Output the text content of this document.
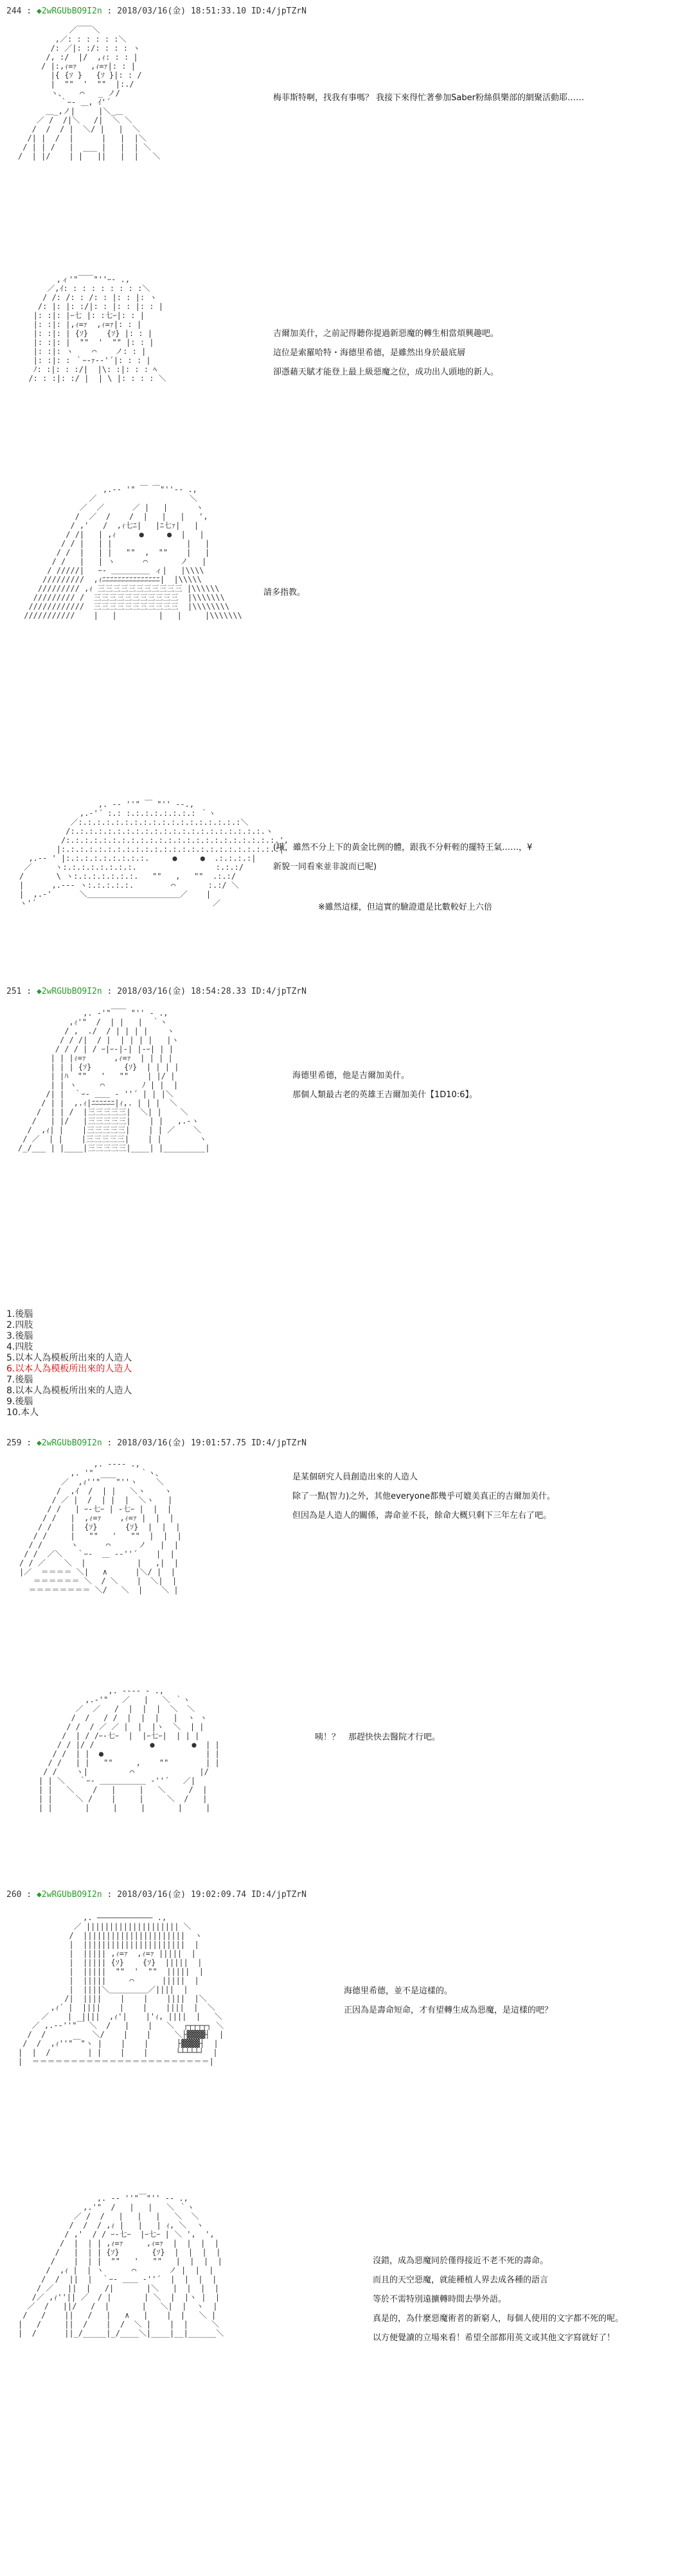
244 : ◆2wRGUbBO9I2n : 2018/03/16(金) 18:51:33.10 ID:4/jpTZrN
／￣￣＼
,／: : : : : :＼
/: ／|: :/: : : : ヽ
/, :/  |/  ,ｨ: : : |
/ |:,ｨ=ｧ   ,ｨ=ｧ|: : |
|{ {ｿ }   {ｿ }|: : /
|  ""  '  ""  |:./
ヽ、   ⌒   _ ノ/
｀ｰ- ＿, ｲ'´
＿_,ノ|     |＼_＿
／ /  /|＼   /|  ＼ ＼
/  /  / |  ＼/ |   |  ＼
/| |  /  |      |   |  |＼
/ | | /   |  ___ |   |  | ＼
/  | |/    | |   ||   |  |   ＼
梅菲斯特啊，找我有事嗎？ 我接下來得忙著參加Saber粉絲俱樂部的網聚活動耶……
,ィ'"￣￣"''ｰ- .,
／,ｲ: : : : : : : : :＼
/ /: /: : /: : |: : |: ヽ
/: |: |: :/|: : |: : |: : |
|: :|: |ｰ七 |: :七ｰ|: : |
|: :|: |,ｨ=ｧ  ,ｨ=ｧ|: : |
|: :|: | {ｿ}    {ｿ} |: : |
|: :|: |  ""  '  "" |: : |
|: :|: ヽ    ⌒    ノ: : |
|: :|: : ｀ｰ-ｧ-‐'´|: : : |
ﾉ: :|: : :/|  |\: :|: : : ﾍ
/: : :|: :/ |  | \ |: : : : ＼
吉爾加美什，之前記得聽你提過新惡魔的轉生相當煩興趣吧。
這位是索羅哈特・海德里希德，是雖然出身於最底層
卻憑藉天賦才能登上最上級惡魔之位，成功出人頭地的新人。
,.-‐ '" ￣ ￣"''‐- .,
／                    ＼
／  ／      ／ |   |      ヽ
/  ／  /    /  |   |   |   ',
/ ,'   /  ,ｨ七ﾆ|   |ﾆ七ｧ|   |
/ /|   | ,ｨ     ●     ●  |   |
/ / |   | |                |   |
/ /  |   | |   ""  ,  ""    |   |
/ /   |   | ヽ      ⌒       ノ   |
/ /////|   ｰ- ＿＿＿＿＿ ィ|   |\\\\
/////////  ,ｨﾆﾆﾆﾆﾆﾆﾆﾆﾆﾆﾆﾆﾆﾆﾆ|  |\\\\\
///////// ,ｨ 三三三三三三三三三三三 |\\\\\\
///////// /  三三三三三三三三三三三  |\\\\\\\
////////////  三三三三三三三三三三三  |\\\\\\\\
///////////    |   |         |   |     |\\\\\\\
請多指教。
,. -‐ ''" ￣ "'' ‐-.,
,.‐'´ :.: :.:.:.:.:.:.:.: ｀ヽ
／:.:.:.:.:.:.:.:.:.:.:.:.:.:.:.:.:.:＼
/:.:.:.:.:.:.:.:.:.:.:.:.:.:.:.:.:.:.:.:.:.ヽ
/:.:.:.:.:.:.:.:.:.:.:.:.:.:.:.:.:.:.:.:.:.:.:.',
|:.:.:.:.:.:.:.:.:.:.:.:.:.:.:.:.:.:.:.:.:.:.:.:|
,.-‐ ' |:.:.:.:.:.:.:.:.:.     ●     ●  .:.:.:.:|
／     ヽ:.:.:.:.:.:.:.:.                 :.:.:/
/       \ ヽ:.:.:.:.:.:.:.   ""   ,   ""  .:.:/
|      ,.-‐‐ ヽ:.:.:.:.:.        ⌒       :.:/ ＼
|  ,.-'      ＼＿＿＿＿＿＿＿＿＿＿＿＿／    |
ヽ'´                                      ／
(哦，雖然不分上下的黃金比例的體，跟我不分軒輊的擺特王氣……，¥
新貌一同看來並非說而已呢)
※雖然這樣，但這實的驗證還是比數較好上六倍
251 : ◆2wRGUbBO9I2n : 2018/03/16(金) 18:54:28.33 ID:4/jpTZrN
,. ‐'"￣￣ "'' ‐ .,
,ｨ'"  /  | |   |  ｀ヽ
/ ,  ./  / | | | |    ヽ
/ / /|  / |  | | | |   |ヽ
/ / / | / ｰ|ｰ-|-| |-ｰ| | |
| | |ｨ=ｧ      ,ｨ=ｧ  | | | |
| | | {ｿ}       {ｿ}  | | | |
| |ﾊ  ""   '   ""    | |/ |
| | ヽ     ⌒        ﾉ | |  |
/| |  ｀ｰ- ＿＿ ‐ ''´ | | |＼
/ | |  ,.ｨ|ﾆﾆﾆﾆﾆﾆ|ｨ,. | | |  ＼
/  | | /  |三三三三三|  ＼| |    ＼
/   | |/   |三三三三三|    | |   ,.-ヽ
/  ,ｨ| |    |三三三三三|    | | ／    ＼
/ ／  | |    |三三三三三|    | |        ヽ
/_/___ | |____|三三三三三|____| |_________|
海德里希德，他是吉爾加美什。
那個人類最古老的英雄王吉爾加美什【1D10:6】。
1.後腦
2.四肢
3.後腦
4.四肢
5.以本人為模板所出來的人造人
6.以本人為模板所出來的人造人
7.後腦
8.以本人為模板所出來的人造人
9.後腦
10.本人
259 : ◆2wRGUbBO9I2n : 2018/03/16(金) 19:01:57.75 ID:4/jpTZrN
,. ---- .,
,. '"          ｀ヽ、
／  ,ｨ''"￣￣"''ヽ    ＼
/  ,ｲ  /  | |   ＼ヽ    ヽ
/ ／ |  /  | |  |  ＼ヽ   |
/ /   | ｰ-七ｰ | -七ｰ |  |  |
/ /   |  ,ｨ=ｧ    ,ｨ=ｧ |  |  |
/ /    |  {ｿ}      {ｿ}  |  |  |
/ /     |   ""   '   ""  |  |  |
/ /      ヽ      ⌒      ノ   |  |
/ /  ／＼   ｀ｰ-  ＿ -‐''´    |  |
/ / ／    ＼  |           |   ,|  |
|／  ＝＝＝＝ ＼|   ∧      |＼/ |  |
＝＝＝＝＝＝ ＼  / ＼    |  ＼|  |
＝＝＝＝＝＝＝＝ ＼/   ＼  |    ＼ |
是某個研究人員創造出來的人造人
除了一點(智力)之外，其他everyone都幾乎可媲美真正的吉爾加美什。
但因為是人造人的關係，壽命並不長，餘命大概只剩下三年左右了吧。
,. -‐‐‐ - .,
,.-'"   ／   |   ＼ ｀ヽ
／  ／   /  |  |  |  ＼  ＼
/  /   / /  |  |  |   |  ヽ ヽ
/ /  / ／ ／ |  |  |ヽ  ＼  | |
/  | / /ｰ-七ｰ  |  |ｰ七ｰ|  | | |
/ / |/ /            ●        ●  | |
/ /  | |  ●                      | |
/ /   | |   ""     ,    ""        | |
/ /    ヽ|         ⌒              |/
| | ＼   ｀ｰ- ＿＿＿＿＿＿ ‐''´   ／|
| |   ＼    /   |     |   ＼     /  |
| |     ＼ /    |     |     ＼  /   |
| |       |     |     |       |     |
咦！？　那趕快快去醫院才行吧。
260 : ◆2wRGUbBO9I2n : 2018/03/16(金) 19:02:09.74 ID:4/jpTZrN
,. ―――――――――――― .,
／ |||||||||||||||||||| ＼
/  ||||||||||||||||||||||  ヽ
|  ||||||||||||||||||||||  |
|  ||||| ,ｨ=ｧ  ,ｨ=ｧ |||||  |
|  ||||| {ｿ}    {ｿ}  |||||  |
|  |||||  ""  '  ""  |||||  |
|  |||||     ⌒      |||||  |
|  ||||＼＿＿＿＿＿／||||  |
/|  ||||    |    |    ||||  |＼
,ｨ´ |  ||||    |    |    ||||  |  ＼
／    |  ||||  ,ｨ'|    |'ｨ, ||||  |   ＼
／ ,.-‐''"￣ ＼  /   |    |   ＼  ┌┬┬┬┬┐ ＼
/  /          ＼/    |    |     ＼├▓▓▓▓┤  |
/  /  ,ｨ''"￣"ヽ |    |    |      ├▓▓▓▓┤  |
|  |  /        | |    |    |      └┴┴┴┴┘  |
|  ＝＝＝＝＝＝＝＝＝＝＝＝＝＝＝＝＝＝＝＝＝＝＝|
海德里希德，並不是這樣的。
正因為是壽命短命，才有望轉生成為惡魔，是這樣的吧？
,. -‐ ''"￣"'' ‐- .,
,.'"  /   |   |   ＼ ｀ヽ
／ /  /   |   |   |   ＼  ＼
/  /  / ,ｨ |   |   | ｨ, ＼  ヽ
/ ,'  / / ｰ-七ｰ  |ｰ七ｰ | ＼ ',  ',
/  |  | | ,ｨ=ｧ     ,ｨ=ｧ  |  |  |  |
/   |  | | {ｿ}       {ｿ}  |  |  |  |
/    |  | |  ""   '   ""   |  |  |  |
/  ,ｨ |  | ヽ      ⌒       ノ |  |  |
/  /  ||  |  ｀ｰ- ＿＿ ‐''´  |  |  |  |
/ ／   ||  |   /|       |＼   |  |  |  |
/／ ,ｨ''|| ／  / |       | ＼  |  |ヽ |  |
／  /   ||/   /  |       |   ＼|  |  ヽ  |
/   /    ||   /   |   ∧   |    |  |   ＼ |
|   /     ||  /    |  /  ＼ |    |  |     ＼
|  /      ||_/_____|_/____＼|____|__|______＼
沒錯，成為惡魔同於僅得接近不老不死的壽命。
而且的天空惡魔，就能種植人界去成各種的語言
等於不需特別遠擴轉時間去學外語。
真是的，為什麼惡魔術者的新窮人，每個人使用的文字都不死的呢。
以方便覺讀的立場來看！希望全部都用英文或其他文字寫就好了！
